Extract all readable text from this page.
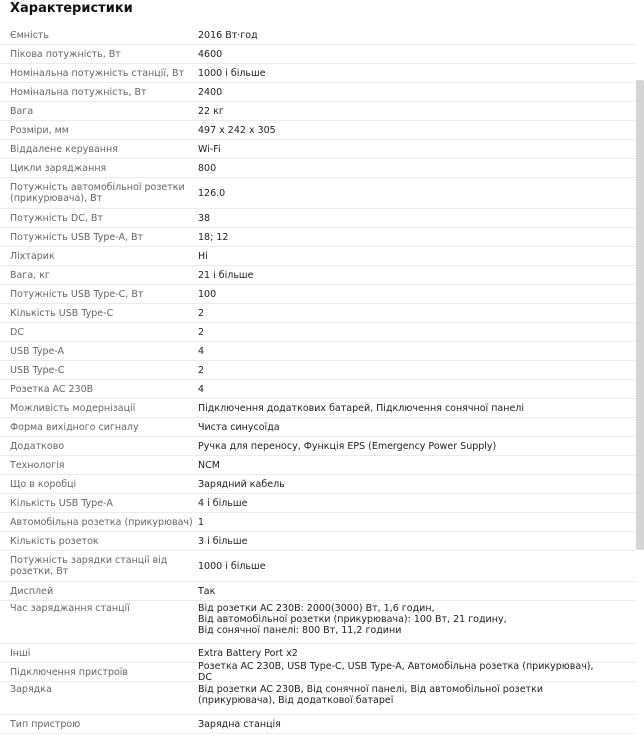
Характеристики
Ємність	2016 Вт·год
Пікова потужність, Вт	4600
Номінальна потужність станції, Вт	1000 і більше
Номінальна потужність, Вт	2400
Вага	22 кг
Розміри, мм	497 x 242 x 305
Віддалене керування	Wi-Fi
Цикли заряджання	800
Потужність автомобільної розетки (прикурювача), Вт	126.0
Потужність DC, Вт	38
Потужність USB Type-A, Вт	18; 12
Ліхтарик	Ні
Вага, кг	21 і більше
Потужність USB Type-C, Вт	100
Кількість USB Type-C	2
DC	2
USB Type-A	4
USB Type-C	2
Розетка AC 230В	4
Можливість модернізації	Підключення додаткових батарей, Підключення сонячної панелі
Форма вихідного сигналу	Чиста синусоїда
Додатково	Ручка для переносу, Функція EPS (Emergency Power Supply)
Технологія	NCM
Що в коробці	Зарядний кабель
Кількість USB Type-A	4 і більше
Автомобільна розетка (прикурювач) 1
Кількість розеток	3 і більше
Потужність зарядки станції від розетки, Вт	1000 і більше
Дисплей	Так
Час заряджання станції	Від розетки AC 230В: 2000(3000) Вт, 1,6 годин,
Від автомобільної розетки (прикурювача): 100 Вт, 21 годину,
Від сонячної панелі: 800 Вт, 11,2 години
Інші	Extra Battery Port x2
Підключення пристроїв	Розетка AC 230В, USB Type-C, USB Type-A, Автомобільна розетка (прикурювач), DC
Зарядка	Від розетки AC 230В, Від сонячної панелі, Від автомобільної розетки (прикурювача), Від додаткової батареї
Тип пристрою	Зарядна станція
